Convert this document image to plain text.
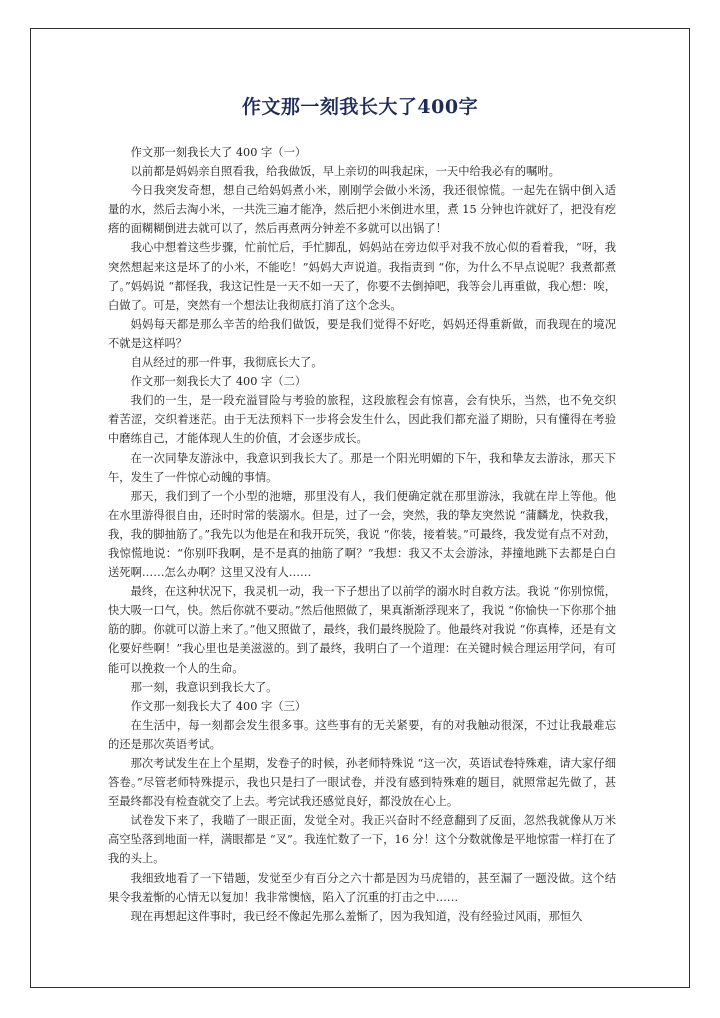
作文那一刻我长大了400字

作文那一刻我长大了 400 字（一）

以前都是妈妈亲自照看我，给我做饭，早上亲切的叫我起床，一天中给我必有的嘱咐。

今日我突发奇想，想自己给妈妈煮小米，刚刚学会做小米汤，我还很惊慌。一起先在锅中倒入适量的水，然后去淘小米，一共洗三遍才能净，然后把小米倒进水里，煮 15 分钟也许就好了，把没有疙瘩的面糊糊倒进去就可以了，然后再煮两分钟差不多就可以出锅了！

我心中想着这些步骤，忙前忙后，手忙脚乱，妈妈站在旁边似乎对我不放心似的看着我，“呀，我突然想起来这是坏了的小米，不能吃！”妈妈大声说道。我指责到 “你，为什么不早点说呢？我煮都煮了。”妈妈说 “都怪我，我这记性是一天不如一天了，你要不去倒掉吧，我等会儿再重做，我心想：唉，白做了。可是，突然有一个想法让我彻底打消了这个念头。

妈妈每天都是那么辛苦的给我们做饭，要是我们觉得不好吃，妈妈还得重新做，而我现在的境况不就是这样吗？

自从经过的那一件事，我彻底长大了。

作文那一刻我长大了 400 字（二）

我们的一生，是一段充溢冒险与考验的旅程，这段旅程会有惊喜，会有快乐，当然，也不免交织着苦涩，交织着迷茫。由于无法预料下一步将会发生什么，因此我们都充溢了期盼，只有懂得在考验中磨练自己，才能体现人生的价值，才会逐步成长。

在一次同挚友游泳中，我意识到我长大了。那是一个阳光明媚的下午，我和挚友去游泳，那天下午，发生了一件惊心动魄的事情。

那天，我们到了一个小型的池塘，那里没有人，我们便确定就在那里游泳，我就在岸上等他。他在水里游得很自由，还时时常的装溺水。但是，过了一会，突然，我的挚友突然说 “蒲麟龙，快救我，我，我的脚抽筋了。”我先以为他是在和我开玩笑，我说 “你装，接着装。”可最终，我发觉有点不对劲，我惊慌地说：“你别吓我啊，是不是真的抽筋了啊？”我想：我又不太会游泳，莽撞地跳下去都是白白送死啊……怎么办啊？这里又没有人……

最终，在这种状况下，我灵机一动，我一下子想出了以前学的溺水时自救方法。我说 “你别惊慌，快大吸一口气，快。然后你就不要动。”然后他照做了，果真渐渐浮现来了，我说 “你愉快一下你那个抽筋的脚。你就可以游上来了。”他又照做了，最终，我们最终脱险了。他最终对我说 “你真棒，还是有文化要好些啊！”我心里也是美滋滋的。到了最终，我明白了一个道理：在关键时候合理运用学问，有可能可以挽救一个人的生命。

那一刻，我意识到我长大了。

作文那一刻我长大了 400 字（三）

在生活中，每一刻都会发生很多事。这些事有的无关紧要，有的对我触动很深，不过让我最难忘的还是那次英语考试。

那次考试发生在上个星期，发卷子的时候，孙老师特殊说 “这一次，英语试卷特殊难，请大家仔细答卷。”尽管老师特殊提示，我也只是扫了一眼试卷，并没有感到特殊难的题目，就照常起先做了，甚至最终都没有检查就交了上去。考完试我还感觉良好，都没放在心上。

试卷发下来了，我瞄了一眼正面，发觉全对。我正兴奋时不经意翻到了反面，忽然我就像从万米高空坠落到地面一样，满眼都是 “叉”。我连忙数了一下，16 分！这个分数就像是平地惊雷一样打在了我的头上。

我细致地看了一下错题，发觉至少有百分之六十都是因为马虎错的，甚至漏了一题没做。这个结果令我羞惭的心情无以复加！我非常懊恼，陷入了沉重的打击之中……

现在再想起这件事时，我已经不像起先那么羞惭了，因为我知道，没有经验过风雨，那恒久
